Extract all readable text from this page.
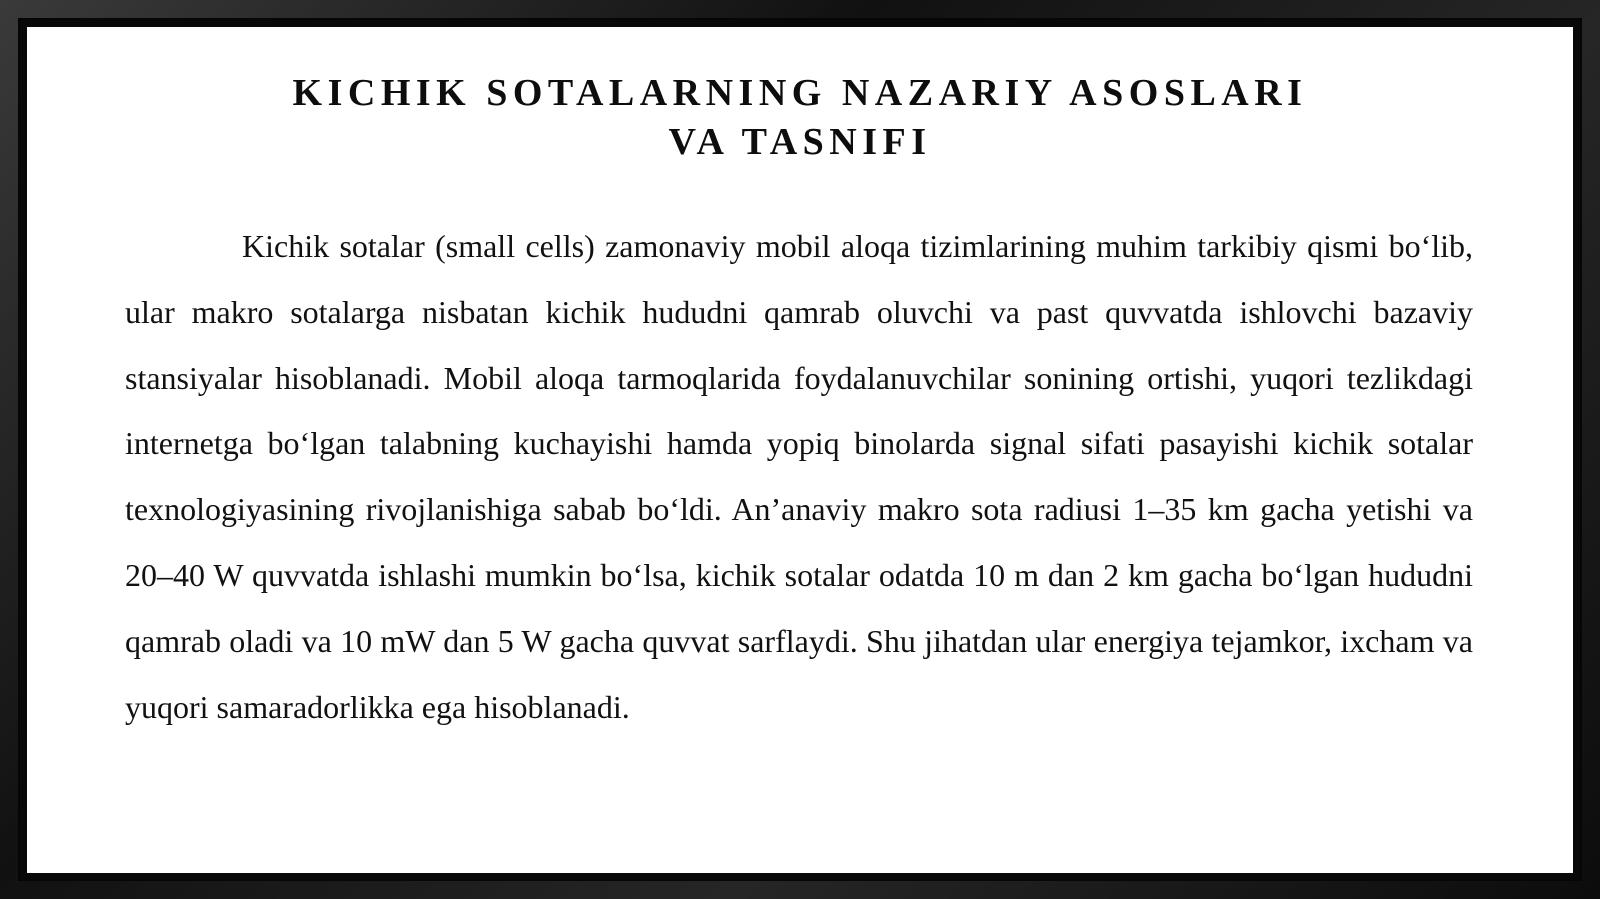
KICHIK SOTALARNING NAZARIY ASOSLARI
VA TASNIFI

Kichik sotalar (small cells) zamonaviy mobil aloqa tizimlarining muhim tarkibiy qismi bo‘lib, ular makro sotalarga nisbatan kichik hududni qamrab oluvchi va past quvvatda ishlovchi bazaviy stansiyalar hisoblanadi. Mobil aloqa tarmoqlarida foydalanuvchilar sonining ortishi, yuqori tezlikdagi internetga bo‘lgan talabning kuchayishi hamda yopiq binolarda signal sifati pasayishi kichik sotalar texnologiyasining rivojlanishiga sabab bo‘ldi. An’anaviy makro sota radiusi 1–35 km gacha yetishi va 20–40 W quvvatda ishlashi mumkin bo‘lsa, kichik sotalar odatda 10 m dan 2 km gacha bo‘lgan hududni qamrab oladi va 10 mW dan 5 W gacha quvvat sarflaydi. Shu jihatdan ular energiya tejamkor, ixcham va yuqori samaradorlikka ega hisoblanadi.
